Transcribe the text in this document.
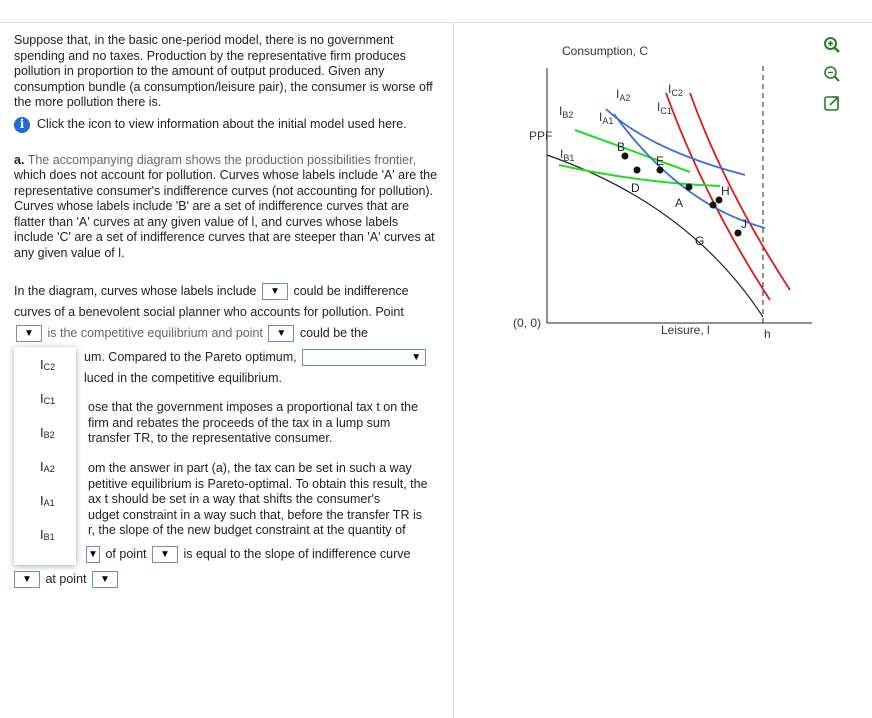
Suppose that, in the basic one-period model, there is no government spending and no taxes. Production by the representative firm produces pollution in proportion to the amount of output produced. Given any consumption bundle (a consumption/leisure pair), the consumer is worse off the more pollution there is.

i	Click the icon to view information about the initial model used here.

a. The accompanying diagram shows the production possibilities frontier, which does not account for pollution. Curves whose labels include 'A' are the representative consumer's indifference curves (not accounting for pollution). Curves whose labels include 'B' are a set of indifference curves that are flatter than 'A' curves at any given value of l, and curves whose labels include 'C' are a set of indifference curves that are steeper than 'A' curves at any given value of l.

In the diagram, curves whose labels include ▼ could be indifference curves of a benevolent social planner who accounts for pollution. Point

▼ is the competitive equilibrium and point ▼ could be the

um. Compared to the Pareto optimum,	▼

luced in the competitive equilibrium.
ose that the government imposes a proportional tax t on the
firm and rebates the proceeds of the tax in a lump sum
transfer TR, to the representative consumer.
om the answer in part (a), the tax can be set in such a way
petitive equilibrium is Pareto-optimal. To obtain this result, the
ax t should be set in a way that shifts the consumer's
udget constraint in a way such that, before the transfer TR is
r, the slope of the new budget constraint at the quantity of
▼ of point ▼ is equal to the slope of indifference curve
▼ at point ▼
I C2
I C1
I B2
I A2
I A1
I B1
Consumption, C
Leisure, l	h
(0, 0)
PPF
$I_{B2}$ $I_{A1}$
$I_{A2}$
$I_{C1}$
$I_{C2}$
$I_{B1}$
B
D
E
A
G
H
J
